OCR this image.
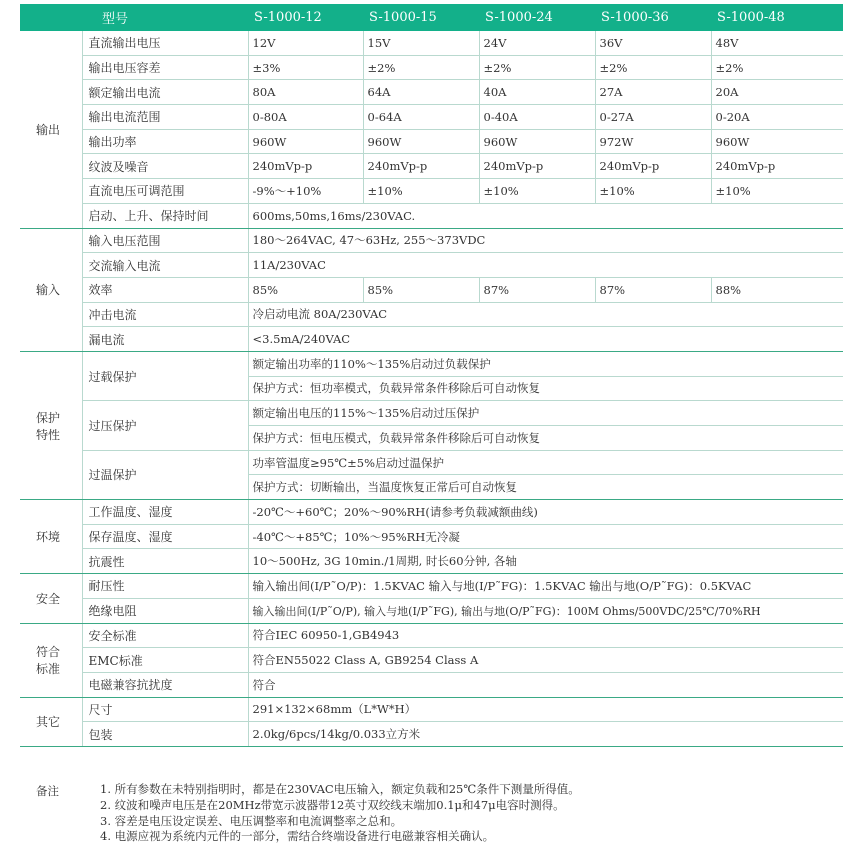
型号		S-1000-12	S-1000-15	S-1000-24	S-1000-36	S-1000-48
输出	直流输出电压	12V	15V	24V	36V	48V
	输出电压容差	±3%	±2%	±2%	±2%	±2%
	额定输出电流	80A	64A	40A	27A	20A
	输出电流范围	0-80A	0-64A	0-40A	0-27A	0-20A
	输出功率	960W	960W	960W	972W	960W
	纹波及噪音	240mVp-p	240mVp-p	240mVp-p	240mVp-p	240mVp-p
	直流电压可调范围	-9%～+10%	±10%	±10%	±10%	±10%
	启动、上升、保持时间	600ms,50ms,16ms/230VAC.				
输入	输入电压范围	180～264VAC, 47～63Hz, 255～373VDC				
	交流输入电流	11A/230VAC				
	效率	85%	85%	87%	87%	88%
	冲击电流	冷启动电流 80A/230VAC				
	漏电流	<3.5mA/240VAC				
保护
特性	过载保护	额定输出功率的110%～135%启动过负载保护				
		保护方式：恒功率模式，负载异常条件移除后可自动恢复				
	过压保护	额定输出电压的115%～135%启动过压保护				
		保护方式：恒电压模式，负载异常条件移除后可自动恢复				
	过温保护	功率管温度≥95℃±5%启动过温保护				
		保护方式：切断输出，当温度恢复正常后可自动恢复				
环境	工作温度、湿度	-20℃～+60℃；20%～90%RH(请参考负载减额曲线)				
	保存温度、湿度	-40℃～+85℃；10%～95%RH无冷凝				
	抗震性	10～500Hz, 3G 10min./1周期, 时长60分钟, 各轴				
安全	耐压性	输入输出间(I/P˜O/P)：1.5KVAC 输入与地(I/P˜FG)：1.5KVAC 输出与地(O/P˜FG)：0.5KVAC				
	绝缘电阻	输入输出间(I/P˜O/P), 输入与地(I/P˜FG), 输出与地(O/P˜FG)：100M Ohms/500VDC/25℃/70%RH				
符合
标准	安全标准	符合IEC 60950-1,GB4943				
	EMC标准	符合EN55022 Class A, GB9254 Class A				
	电磁兼容抗扰度	符合				
其它	尺寸	291×132×68mm（L*W*H）				
	包装	2.0kg/6pcs/14kg/0.033立方米				
备注	1. 所有参数在未特别指明时，都是在230VAC电压输入，额定负载和25℃条件下测量所得值。
2. 纹波和噪声电压是在20MHz带宽示波器带12英寸双绞线末端加0.1μ和47μ电容时测得。
3. 容差是电压设定误差、电压调整率和电流调整率之总和。
4. 电源应视为系统内元件的一部分，需结合终端设备进行电磁兼容相关确认。
